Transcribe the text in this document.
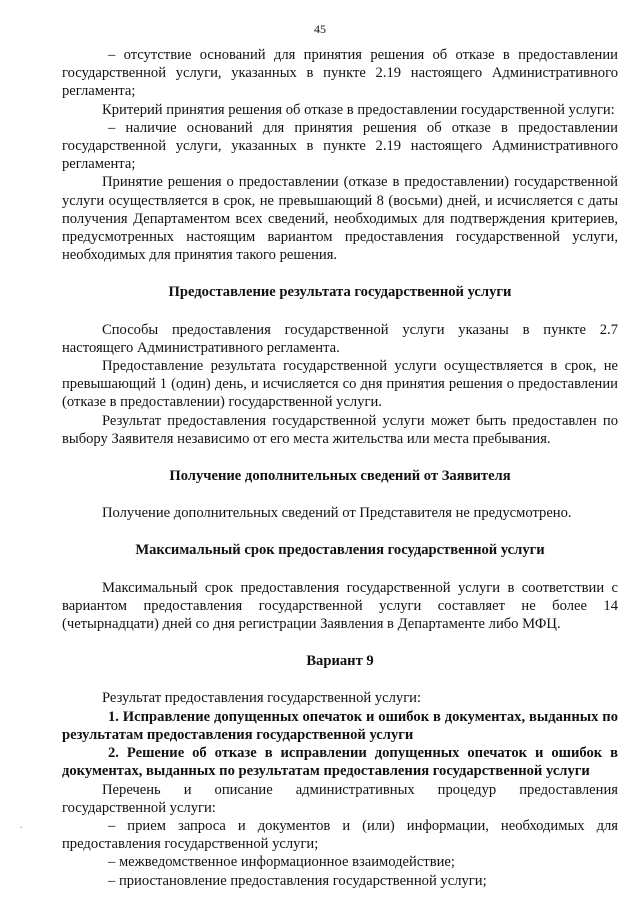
45
.

– отсутствие оснований для принятия решения об отказе в предоставлении государственной услуги, указанных в пункте 2.19 настоящего Административного регламента;

Критерий принятия решения об отказе в предоставлении государственной услуги:

– наличие оснований для принятия решения об отказе в предоставлении государственной услуги, указанных в пункте 2.19 настоящего Административного регламента;

Принятие решения о предоставлении (отказе в предоставлении) государственной услуги осуществляется в срок, не превышающий 8 (восьми) дней, и исчисляется с даты получения Департаментом всех сведений, необходимых для подтверждения критериев, предусмотренных настоящим вариантом предоставления государственной услуги, необходимых для принятия такого решения.

Предоставление результата государственной услуги

Способы предоставления государственной услуги указаны в пункте 2.7 настоящего Административного регламента.

Предоставление результата государственной услуги осуществляется в срок, не превышающий 1 (один) день, и исчисляется со дня принятия решения о предоставлении (отказе в предоставлении) государственной услуги.

Результат предоставления государственной услуги может быть предоставлен по выбору Заявителя независимо от его места жительства или места пребывания.

Получение дополнительных сведений от Заявителя

Получение дополнительных сведений от Представителя не предусмотрено.

Максимальный срок предоставления государственной услуги

Максимальный срок предоставления государственной услуги в соответствии с вариантом предоставления государственной услуги составляет не более 14 (четырнадцати) дней со дня регистрации Заявления в Департаменте либо МФЦ.

Вариант 9

Результат предоставления государственной услуги:

1. Исправление допущенных опечаток и ошибок в документах, выданных по результатам предоставления государственной услуги

2. Решение об отказе в исправлении допущенных опечаток и ошибок в документах, выданных по результатам предоставления государственной услуги

Перечень и описание административных процедур предоставления государственной услуги:

– прием запроса и документов и (или) информации, необходимых для предоставления государственной услуги;

– межведомственное информационное взаимодействие;

– приостановление предоставления государственной услуги;
